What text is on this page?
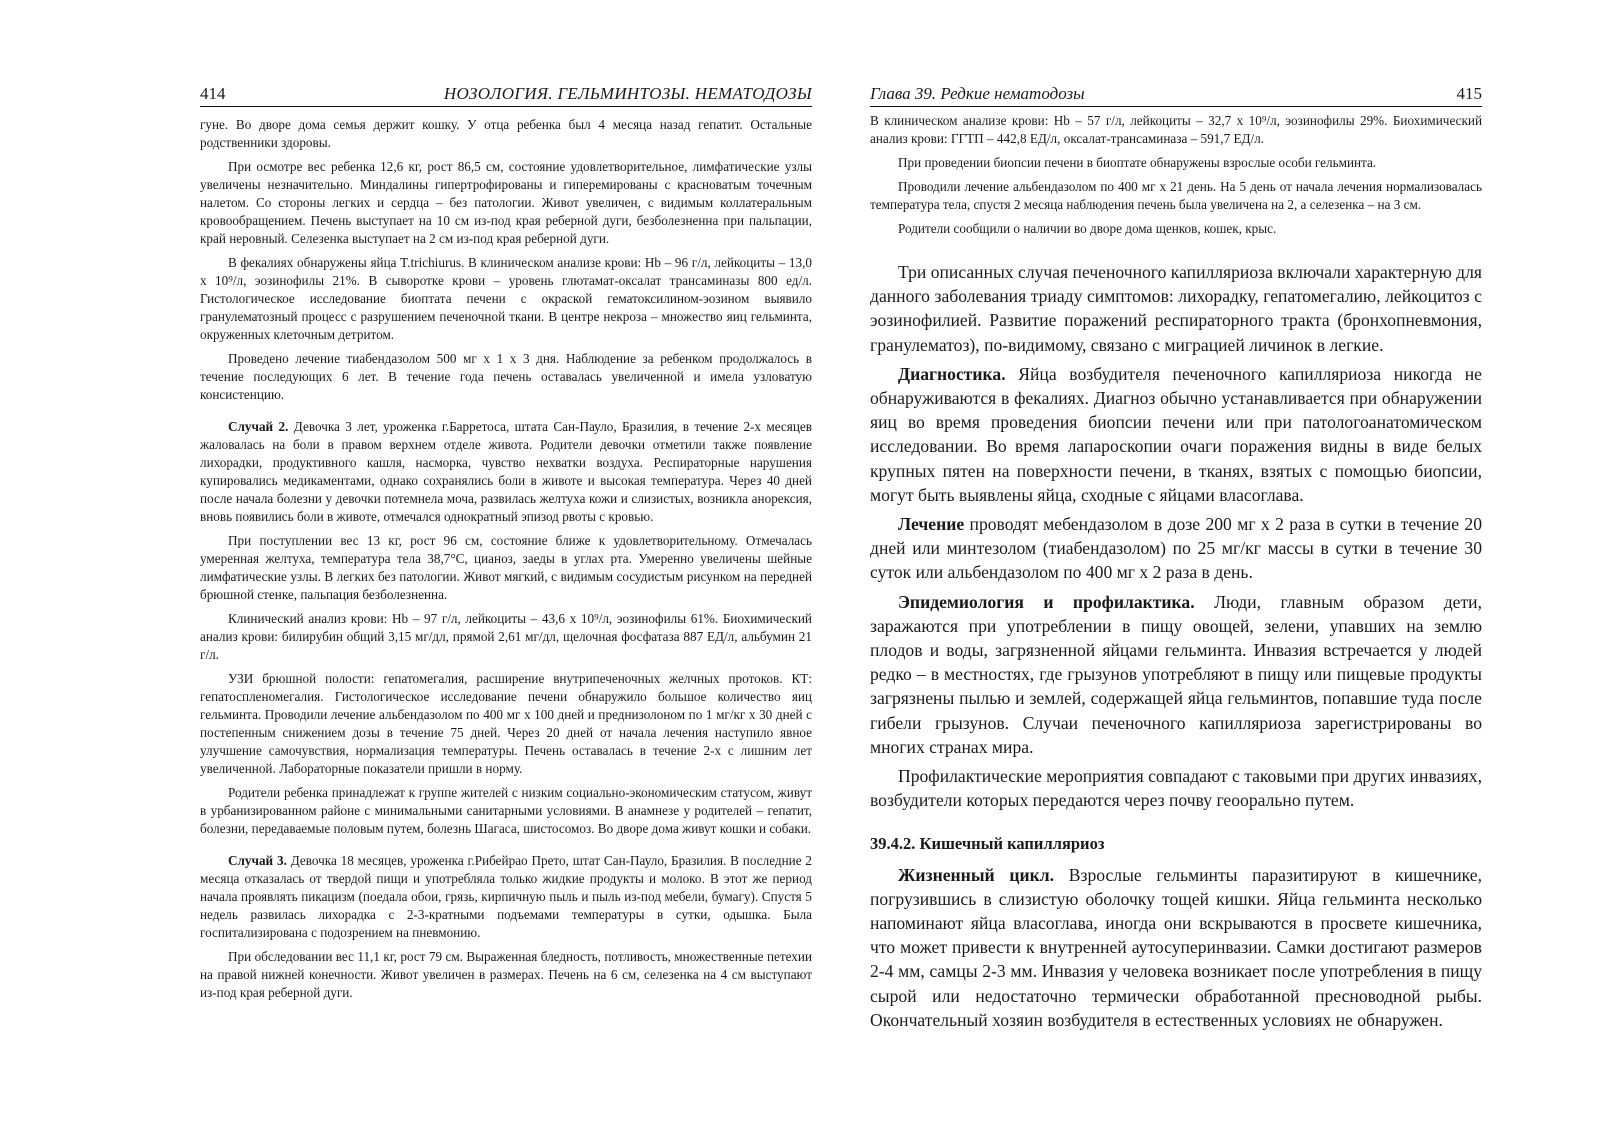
414	НОЗОЛОГИЯ. ГЕЛЬМИНТОЗЫ. НЕМАТОДОЗЫ

гуне. Во дворе дома семья держит кошку. У отца ребенка был 4 месяца назад гепатит. Остальные родственники здоровы.

При осмотре вес ребенка 12,6 кг, рост 86,5 см, состояние удовлетворительное, лимфатические узлы увеличены незначительно. Миндалины гипертрофированы и гиперемированы с красноватым точечным налетом. Со стороны легких и сердца – без патологии. Живот увеличен, с видимым коллатеральным кровообращением. Печень выступает на 10 см из-под края реберной дуги, безболезненна при пальпации, край неровный. Селезенка выступает на 2 см из-под края реберной дуги.

В фекалиях обнаружены яйца T.trichiurus. В клиническом анализе крови: Hb – 96 г/л, лейкоциты – 13,0 х 10⁹/л, эозинофилы 21%. В сыворотке крови – уровень глютамат-оксалат трансаминазы 800 ед/л. Гистологическое исследование биоптата печени с окраской гематоксилином-эозином выявило гранулематозный процесс с разрушением печеночной ткани. В центре некроза – множество яиц гельминта, окруженных клеточным детритом.

Проведено лечение тиабендазолом 500 мг х 1 х 3 дня. Наблюдение за ребенком продолжалось в течение последующих 6 лет. В течение года печень оставалась увеличенной и имела узловатую консистенцию.

Случай 2. Девочка 3 лет, уроженка г.Барретоса, штата Сан-Пауло, Бразилия, в течение 2-х месяцев жаловалась на боли в правом верхнем отделе живота. Родители девочки отметили также появление лихорадки, продуктивного кашля, насморка, чувство нехватки воздуха. Респираторные нарушения купировались медикаментами, однако сохранялись боли в животе и высокая температура. Через 40 дней после начала болезни у девочки потемнела моча, развилась желтуха кожи и слизистых, возникла анорексия, вновь появились боли в животе, отмечался однократный эпизод рвоты с кровью.

При поступлении вес 13 кг, рост 96 см, состояние ближе к удовлетворительному. Отмечалась умеренная желтуха, температура тела 38,7°С, цианоз, заеды в углах рта. Умеренно увеличены шейные лимфатические узлы. В легких без патологии. Живот мягкий, с видимым сосудистым рисунком на передней брюшной стенке, пальпация безболезненна.

Клинический анализ крови: Hb – 97 г/л, лейкоциты – 43,6 х 10⁹/л, эозинофилы 61%. Биохимический анализ крови: билирубин общий 3,15 мг/дл, прямой 2,61 мг/дл, щелочная фосфатаза 887 ЕД/л, альбумин 21 г/л.

УЗИ брюшной полости: гепатомегалия, расширение внутрипеченочных желчных протоков. КТ: гепатоспленомегалия. Гистологическое исследование печени обнаружило большое количество яиц гельминта. Проводили лечение альбендазолом по 400 мг х 100 дней и преднизолоном по 1 мг/кг х 30 дней с постепенным снижением дозы в течение 75 дней. Через 20 дней от начала лечения наступило явное улучшение самочувствия, нормализация температуры. Печень оставалась в течение 2-х с лишним лет увеличенной. Лабораторные показатели пришли в норму.

Родители ребенка принадлежат к группе жителей с низким социально-экономическим статусом, живут в урбанизированном районе с минимальными санитарными условиями. В анамнезе у родителей – гепатит, болезни, передаваемые половым путем, болезнь Шагаса, шистосомоз. Во дворе дома живут кошки и собаки.

Случай 3. Девочка 18 месяцев, уроженка г.Рибейрао Прето, штат Сан-Пауло, Бразилия. В последние 2 месяца отказалась от твердой пищи и употребляла только жидкие продукты и молоко. В этот же период начала проявлять пикацизм (поедала обои, грязь, кирпичную пыль и пыль из-под мебели, бумагу). Спустя 5 недель развилась лихорадка с 2-3-кратными подъемами температуры в сутки, одышка. Была госпитализирована с подозрением на пневмонию.

При обследовании вес 11,1 кг, рост 79 см. Выраженная бледность, потливость, множественные петехии на правой нижней конечности. Живот увеличен в размерах. Печень на 6 см, селезенка на 4 см выступают из-под края реберной дуги.

Глава 39. Редкие нематодозы	415

В клиническом анализе крови: Hb – 57 г/л, лейкоциты – 32,7 х 10⁹/л, эозинофилы 29%. Биохимический анализ крови: ГГТП – 442,8 ЕД/л, оксалат-трансаминаза – 591,7 ЕД/л.

При проведении биопсии печени в биоптате обнаружены взрослые особи гельминта.

Проводили лечение альбендазолом по 400 мг х 21 день. На 5 день от начала лечения нормализовалась температура тела, спустя 2 месяца наблюдения печень была увеличена на 2, а селезенка – на 3 см.

Родители сообщили о наличии во дворе дома щенков, кошек, крыс.

Три описанных случая печеночного капилляриоза включали характерную для данного заболевания триаду симптомов: лихорадку, гепатомегалию, лейкоцитоз с эозинофилией. Развитие поражений респираторного тракта (бронхопневмония, гранулематоз), по-видимому, связано с миграцией личинок в легкие.

Диагностика. Яйца возбудителя печеночного капилляриоза никогда не обнаруживаются в фекалиях. Диагноз обычно устанавливается при обнаружении яиц во время проведения биопсии печени или при патологоанатомическом исследовании. Во время лапароскопии очаги поражения видны в виде белых крупных пятен на поверхности печени, в тканях, взятых с помощью биопсии, могут быть выявлены яйца, сходные с яйцами власоглава.

Лечение проводят мебендазолом в дозе 200 мг х 2 раза в сутки в течение 20 дней или минтезолом (тиабендазолом) по 25 мг/кг массы в сутки в течение 30 суток или альбендазолом по 400 мг х 2 раза в день.

Эпидемиология и профилактика. Люди, главным образом дети, заражаются при употреблении в пищу овощей, зелени, упавших на землю плодов и воды, загрязненной яйцами гельминта. Инвазия встречается у людей редко – в местностях, где грызунов употребляют в пищу или пищевые продукты загрязнены пылью и землей, содержащей яйца гельминтов, попавшие туда после гибели грызунов. Случаи печеночного капилляриоза зарегистрированы во многих странах мира.

Профилактические мероприятия совпадают с таковыми при других инвазиях, возбудители которых передаются через почву геоорально путем.

39.4.2. Кишечный капилляриоз

Жизненный цикл. Взрослые гельминты паразитируют в кишечнике, погрузившись в слизистую оболочку тощей кишки. Яйца гельминта несколько напоминают яйца власоглава, иногда они вскрываются в просвете кишечника, что может привести к внутренней аутосуперинвазии. Самки достигают размеров 2-4 мм, самцы 2-3 мм. Инвазия у человека возникает после употребления в пищу сырой или недостаточно термически обработанной пресноводной рыбы. Окончательный хозяин возбудителя в естественных условиях не обнаружен.
